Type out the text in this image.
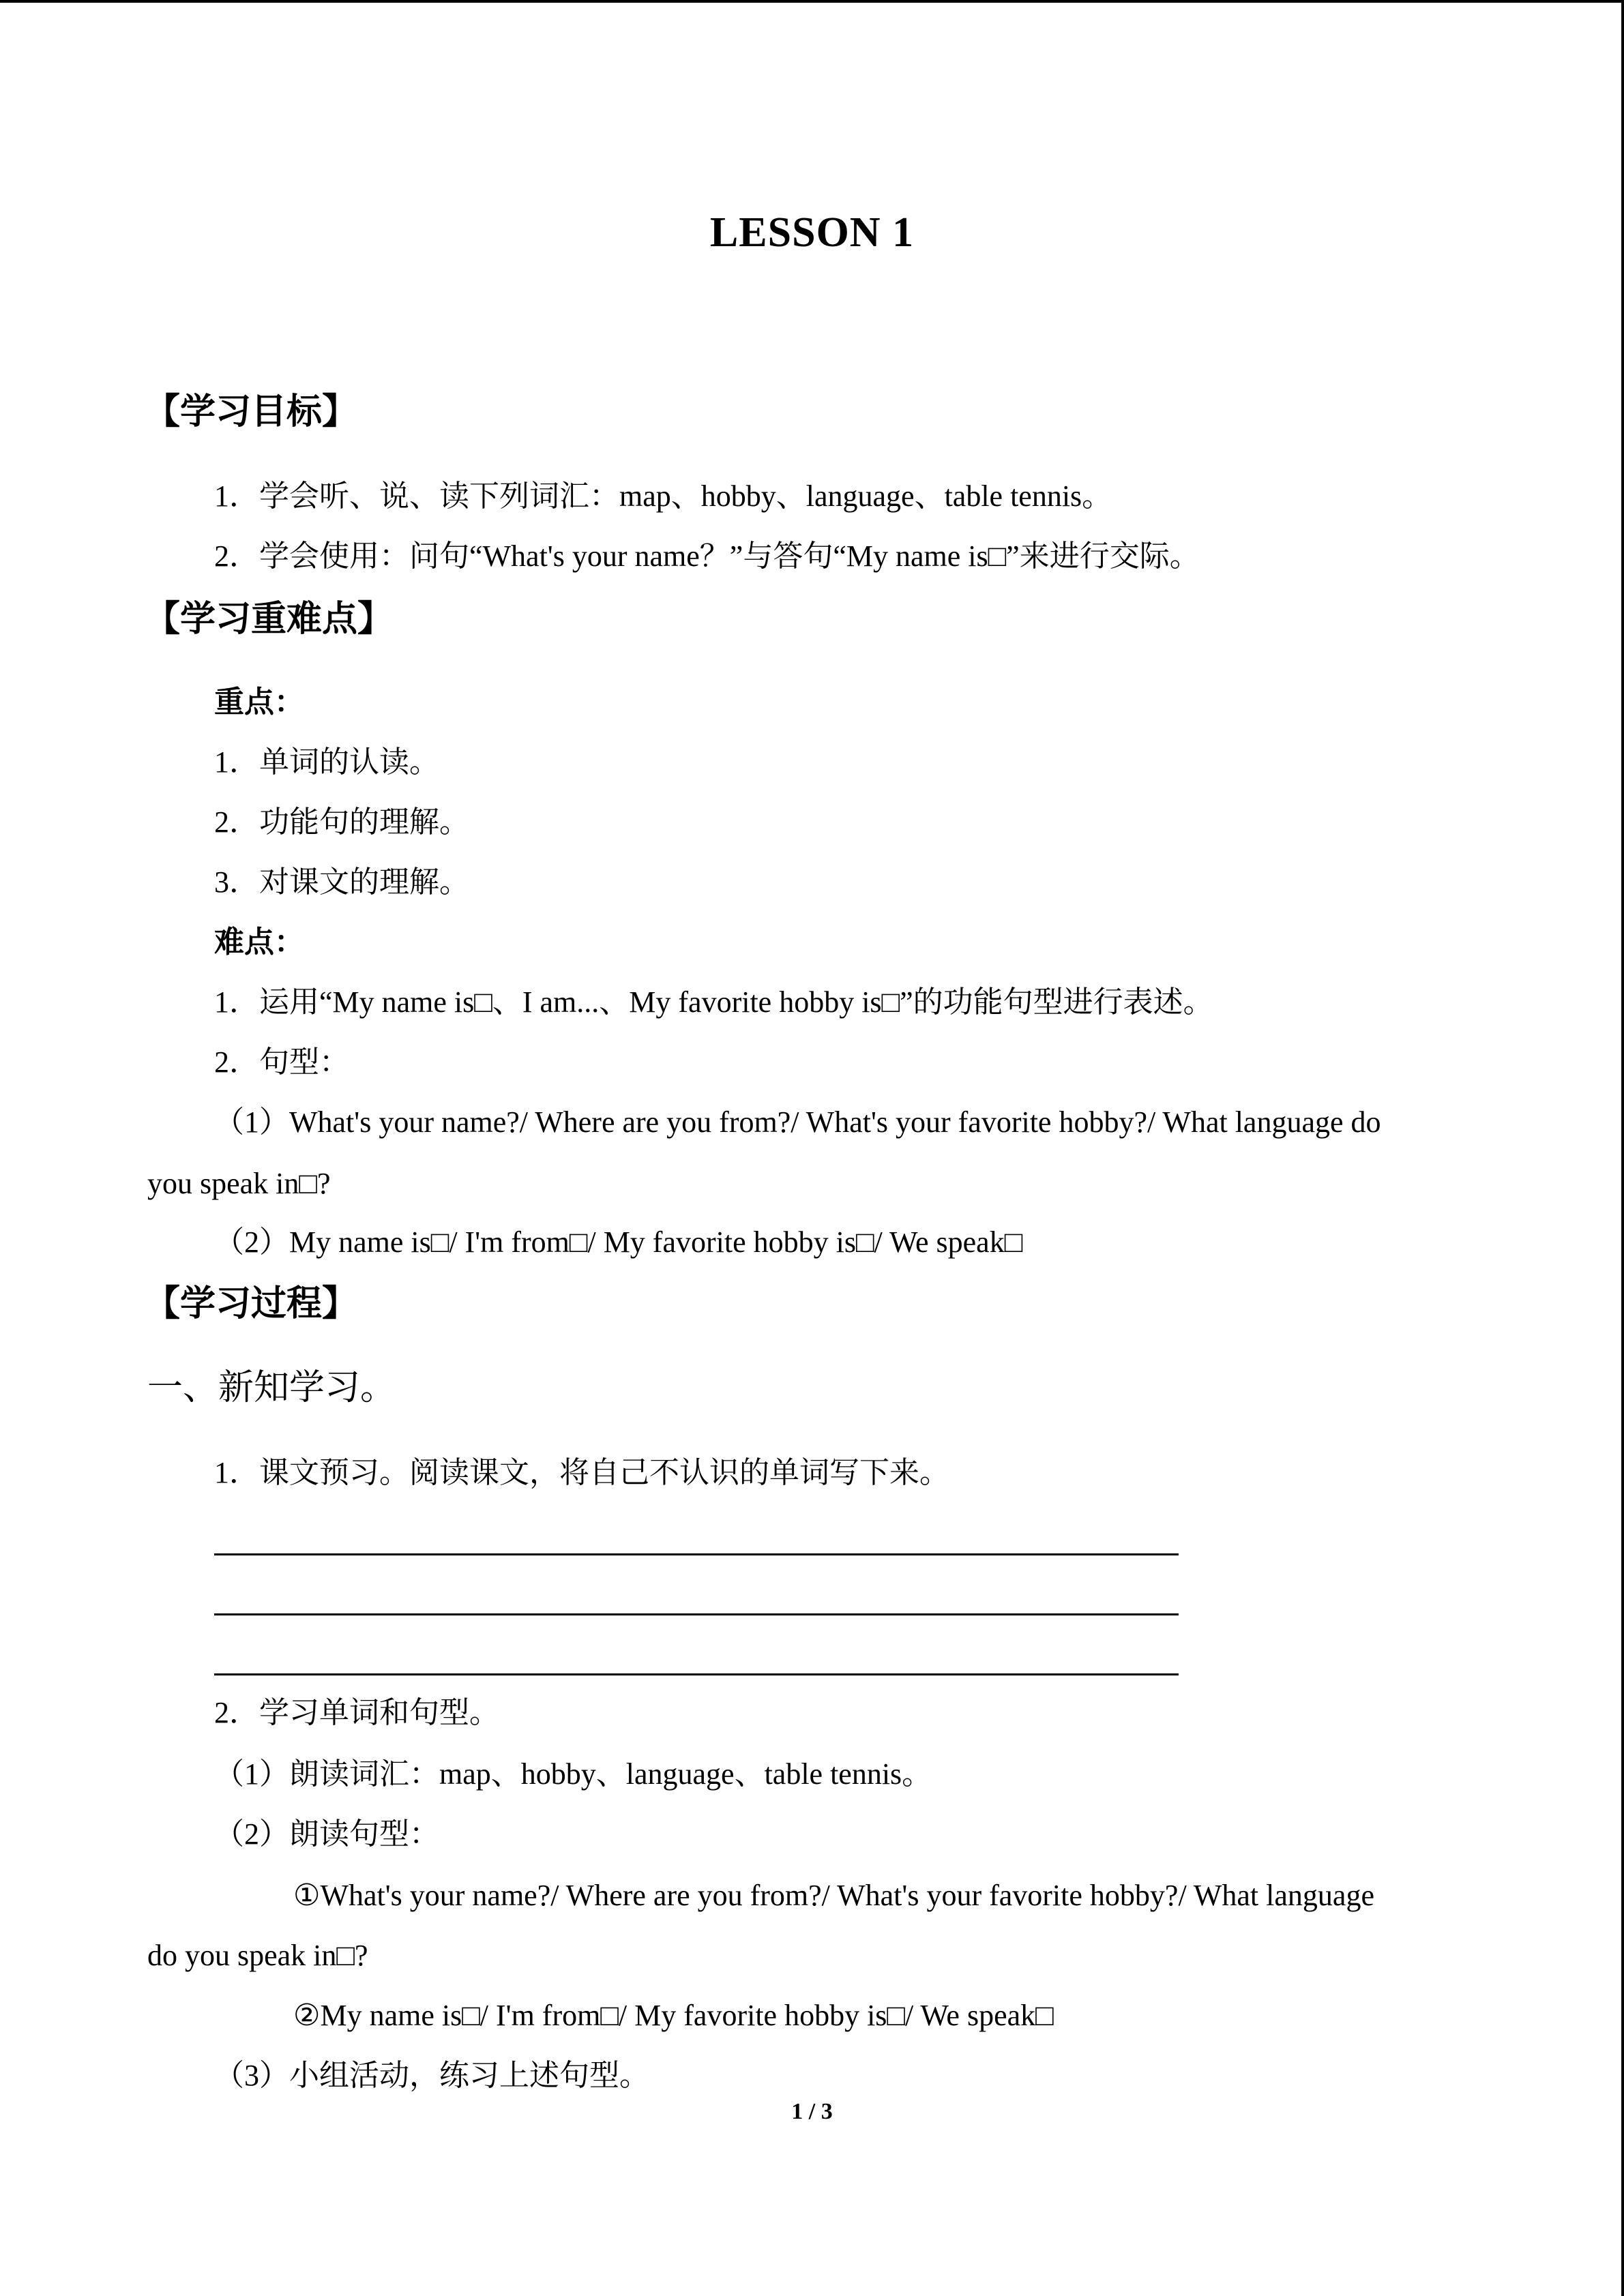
LESSON 1
【学习目标】
1．学会听、说、读下列词汇：map、hobby、language、table tennis。
2．学会使用：问句“What's your name？”与答句“My name is□”来进行交际。
【学习重难点】
重点：
1．单词的认读。
2．功能句的理解。
3．对课文的理解。
难点：
1．运用“My name is□、I am...、My favorite hobby is□”的功能句型进行表述。
2．句型：
（1）What's your name?/ Where are you from?/ What's your favorite hobby?/ What language do
you speak in□?
（2）My name is□/ I'm from□/ My favorite hobby is□/ We speak□
【学习过程】
一、新知学习。
1．课文预习。阅读课文，将自己不认识的单词写下来。
2．学习单词和句型。
（1）朗读词汇：map、hobby、language、table tennis。
（2）朗读句型：
①What's your name?/ Where are you from?/ What's your favorite hobby?/ What language
do you speak in□?
②My name is□/ I'm from□/ My favorite hobby is□/ We speak□
（3）小组活动，练习上述句型。
1 / 3
